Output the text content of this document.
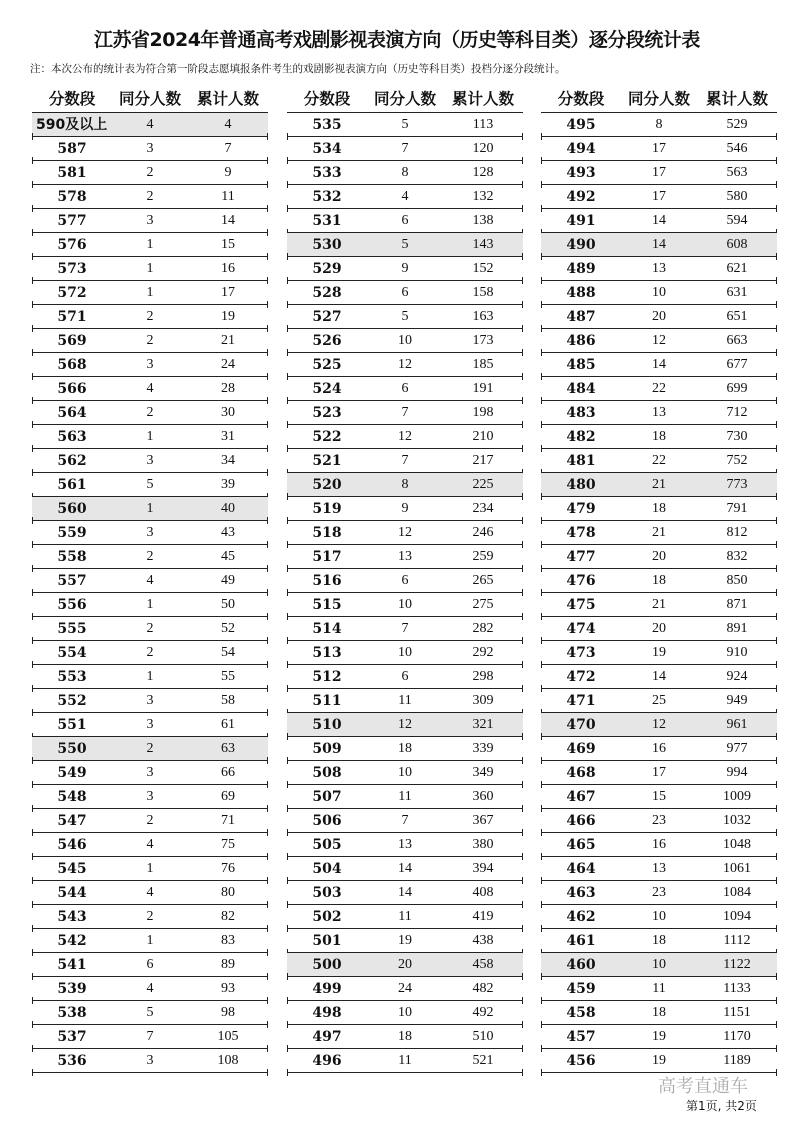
江苏省2024年普通高考戏剧影视表演方向（历史等科目类）逐分段统计表
注：本次公布的统计表为符合第一阶段志愿填报条件考生的戏剧影视表演方向（历史等科目类）投档分逐分段统计。
分数段	同分人数	累计人数
590及以上	4	4
587	3	7
581	2	9
578	2	11
577	3	14
576	1	15
573	1	16
572	1	17
571	2	19
569	2	21
568	3	24
566	4	28
564	2	30
563	1	31
562	3	34
561	5	39
560	1	40
559	3	43
558	2	45
557	4	49
556	1	50
555	2	52
554	2	54
553	1	55
552	3	58
551	3	61
550	2	63
549	3	66
548	3	69
547	2	71
546	4	75
545	1	76
544	4	80
543	2	82
542	1	83
541	6	89
539	4	93
538	5	98
537	7	105
536	3	108
分数段	同分人数	累计人数
535	5	113
534	7	120
533	8	128
532	4	132
531	6	138
530	5	143
529	9	152
528	6	158
527	5	163
526	10	173
525	12	185
524	6	191
523	7	198
522	12	210
521	7	217
520	8	225
519	9	234
518	12	246
517	13	259
516	6	265
515	10	275
514	7	282
513	10	292
512	6	298
511	11	309
510	12	321
509	18	339
508	10	349
507	11	360
506	7	367
505	13	380
504	14	394
503	14	408
502	11	419
501	19	438
500	20	458
499	24	482
498	10	492
497	18	510
496	11	521
分数段	同分人数	累计人数
495	8	529
494	17	546
493	17	563
492	17	580
491	14	594
490	14	608
489	13	621
488	10	631
487	20	651
486	12	663
485	14	677
484	22	699
483	13	712
482	18	730
481	22	752
480	21	773
479	18	791
478	21	812
477	20	832
476	18	850
475	21	871
474	20	891
473	19	910
472	14	924
471	25	949
470	12	961
469	16	977
468	17	994
467	15	1009
466	23	1032
465	16	1048
464	13	1061
463	23	1084
462	10	1094
461	18	1112
460	10	1122
459	11	1133
458	18	1151
457	19	1170
456	19	1189
高考直通车
第1页, 共2页
